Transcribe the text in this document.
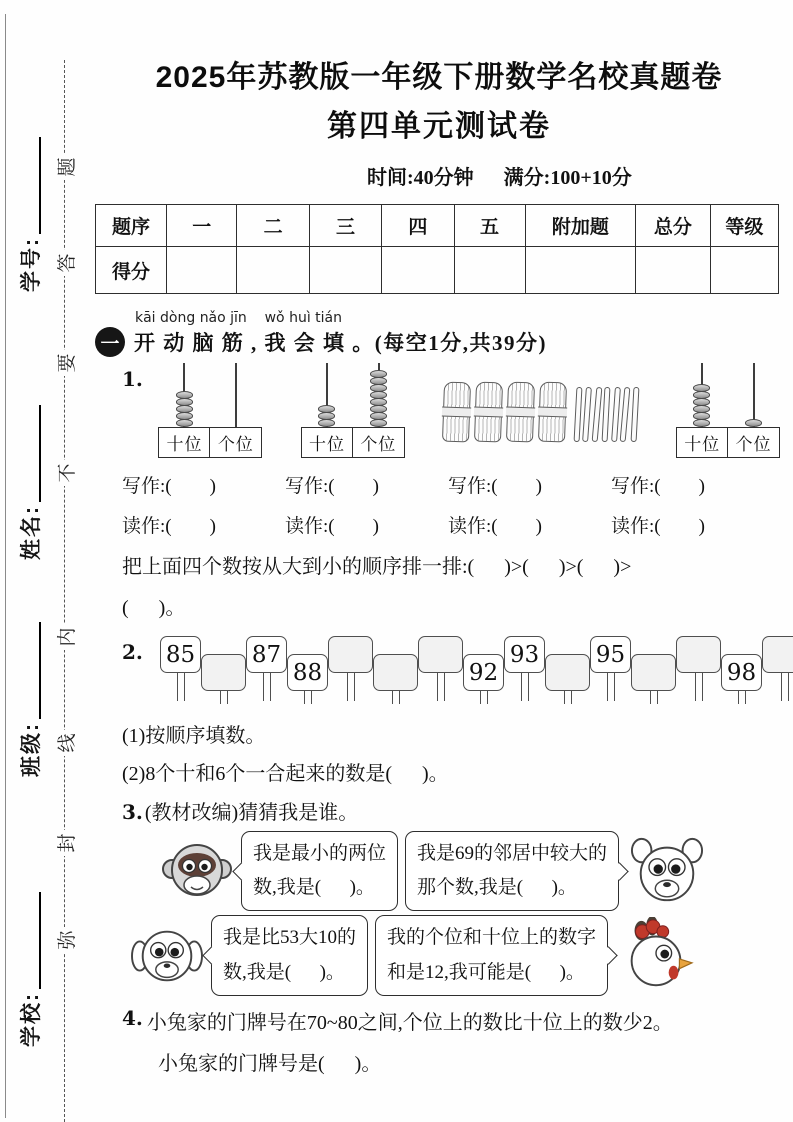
学号:
姓名:
班级:
学校:
题
答
要
不
内
线
封
弥
2025年苏教版一年级下册数学名校真题卷
第四单元测试卷
时间:40分钟 满分:100+10分
题序	一	二	三	四	五	附加题	总分	等级
得分								
kāi dòng nǎo jīn    wǒ huì tián
一 开 动 脑 筋 , 我 会 填 。(每空1分,共39分)
1.
十位 个位	十位 个位	十位 个位
写作:(        )	写作:(        )	写作:(        )	写作:(        )
读作:(        )	读作:(        )	读作:(        )	读作:(        )
把上面四个数按从大到小的顺序排一排:(      )>(      )>(      )>
(      )。
2. 85 87
88	92
93 95
98
(1)按顺序填数。
(2)8个十和6个一合起来的数是(      )。
3. (教材改编)猜猜我是谁。
我是最小的两位
数,我是(      )。
我是69的邻居中较大的
那个数,我是(      )。
我是比53大10的
数,我是(      )。
我的个位和十位上的数字
和是12,我可能是(      )。
4. 小兔家的门牌号在70~80之间,个位上的数比十位上的数少2。
小兔家的门牌号是(      )。
